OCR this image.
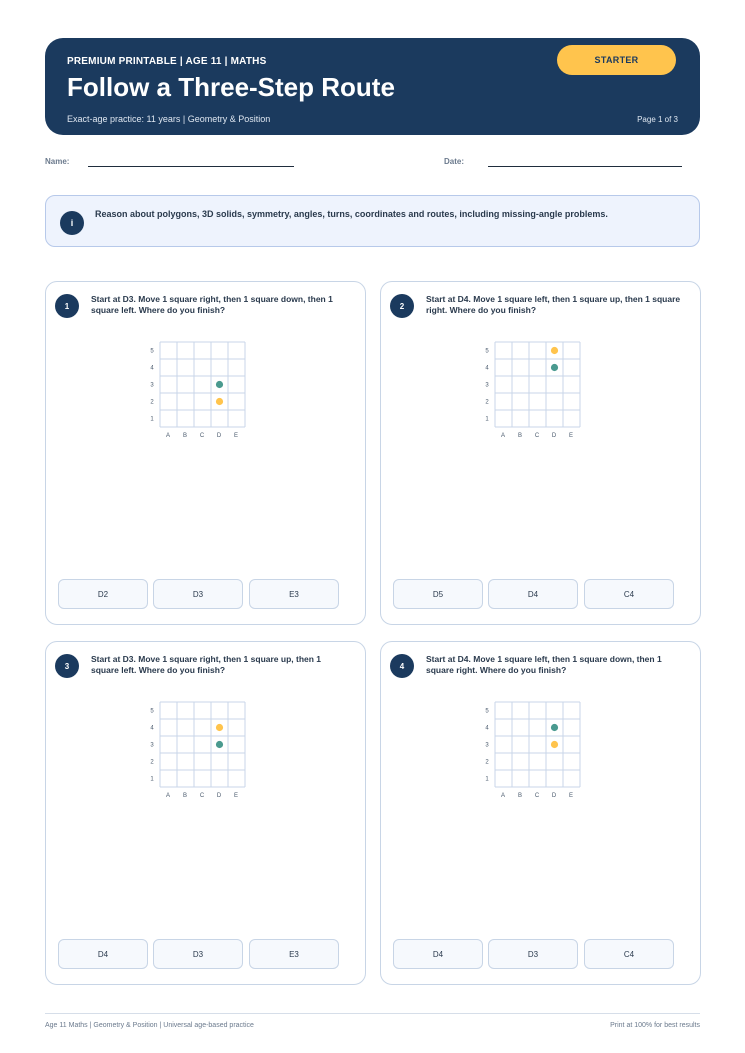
PREMIUM PRINTABLE | AGE 11 | MATHS
Follow a Three-Step Route
Exact-age practice: 11 years | Geometry & Position	Page 1 of 3
STARTER
Name:	Date:
i
Reason about polygons, 3D solids, symmetry, angles, turns, coordinates and routes, including missing-angle problems.
1
Start at D3. Move 1 square right, then 1 square down, then 1 square left. Where do you finish?
5
4
3
2
1
A B C D E
D2	D3	E3
2
Start at D4. Move 1 square left, then 1 square up, then 1 square right. Where do you finish?
5
4
3
2
1
A B C D E
D5	D4	C4
3
Start at D3. Move 1 square right, then 1 square up, then 1 square left. Where do you finish?
5
4
3
2
1
A B C D E
D4	D3	E3
4
Start at D4. Move 1 square left, then 1 square down, then 1 square right. Where do you finish?
5
4
3
2
1
A B C D E
D4	D3	C4
Age 11 Maths | Geometry & Position | Universal age-based practice	Print at 100% for best results
